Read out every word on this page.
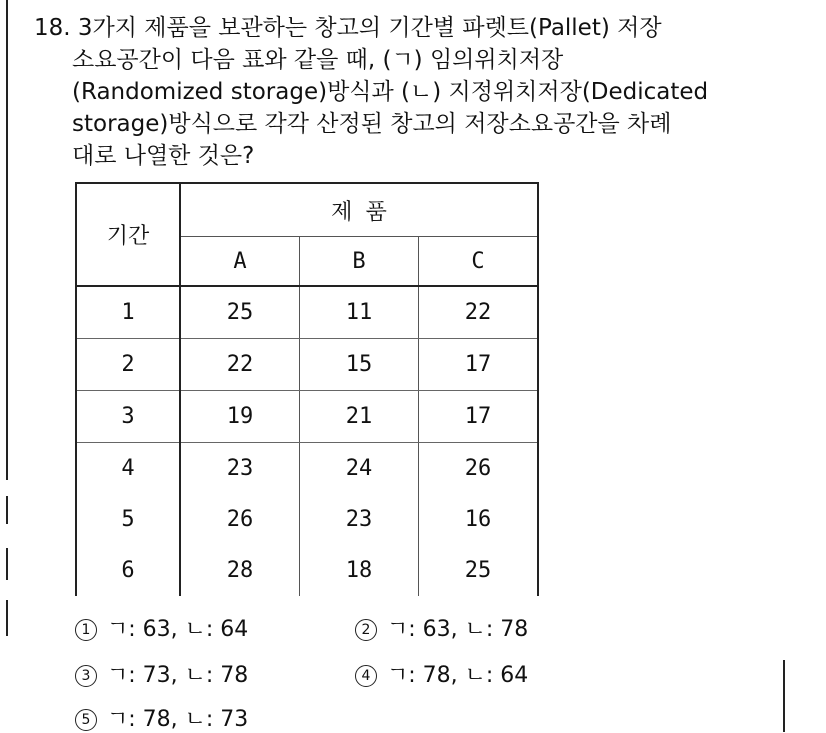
18. 3가지 제품을 보관하는 창고의 기간별 파렛트(Pallet) 저장
소요공간이 다음 표와 같을 때, (ㄱ) 임의위치저장
(Randomized storage)방식과 (ㄴ) 지정위치저장(Dedicated
storage)방식으로 각각 산정된 창고의 저장소요공간을 차례
대로 나열한 것은?
기간	제 품		
	A	B	C
1	25	11	22
2	22	15	17
3	19	21	17
4	23	24	26
5	26	23	16
6	28	18	25
1 ㄱ: 63, ㄴ: 64	2 ㄱ: 63, ㄴ: 78
3 ㄱ: 73, ㄴ: 78	4 ㄱ: 78, ㄴ: 64
5 ㄱ: 78, ㄴ: 73
